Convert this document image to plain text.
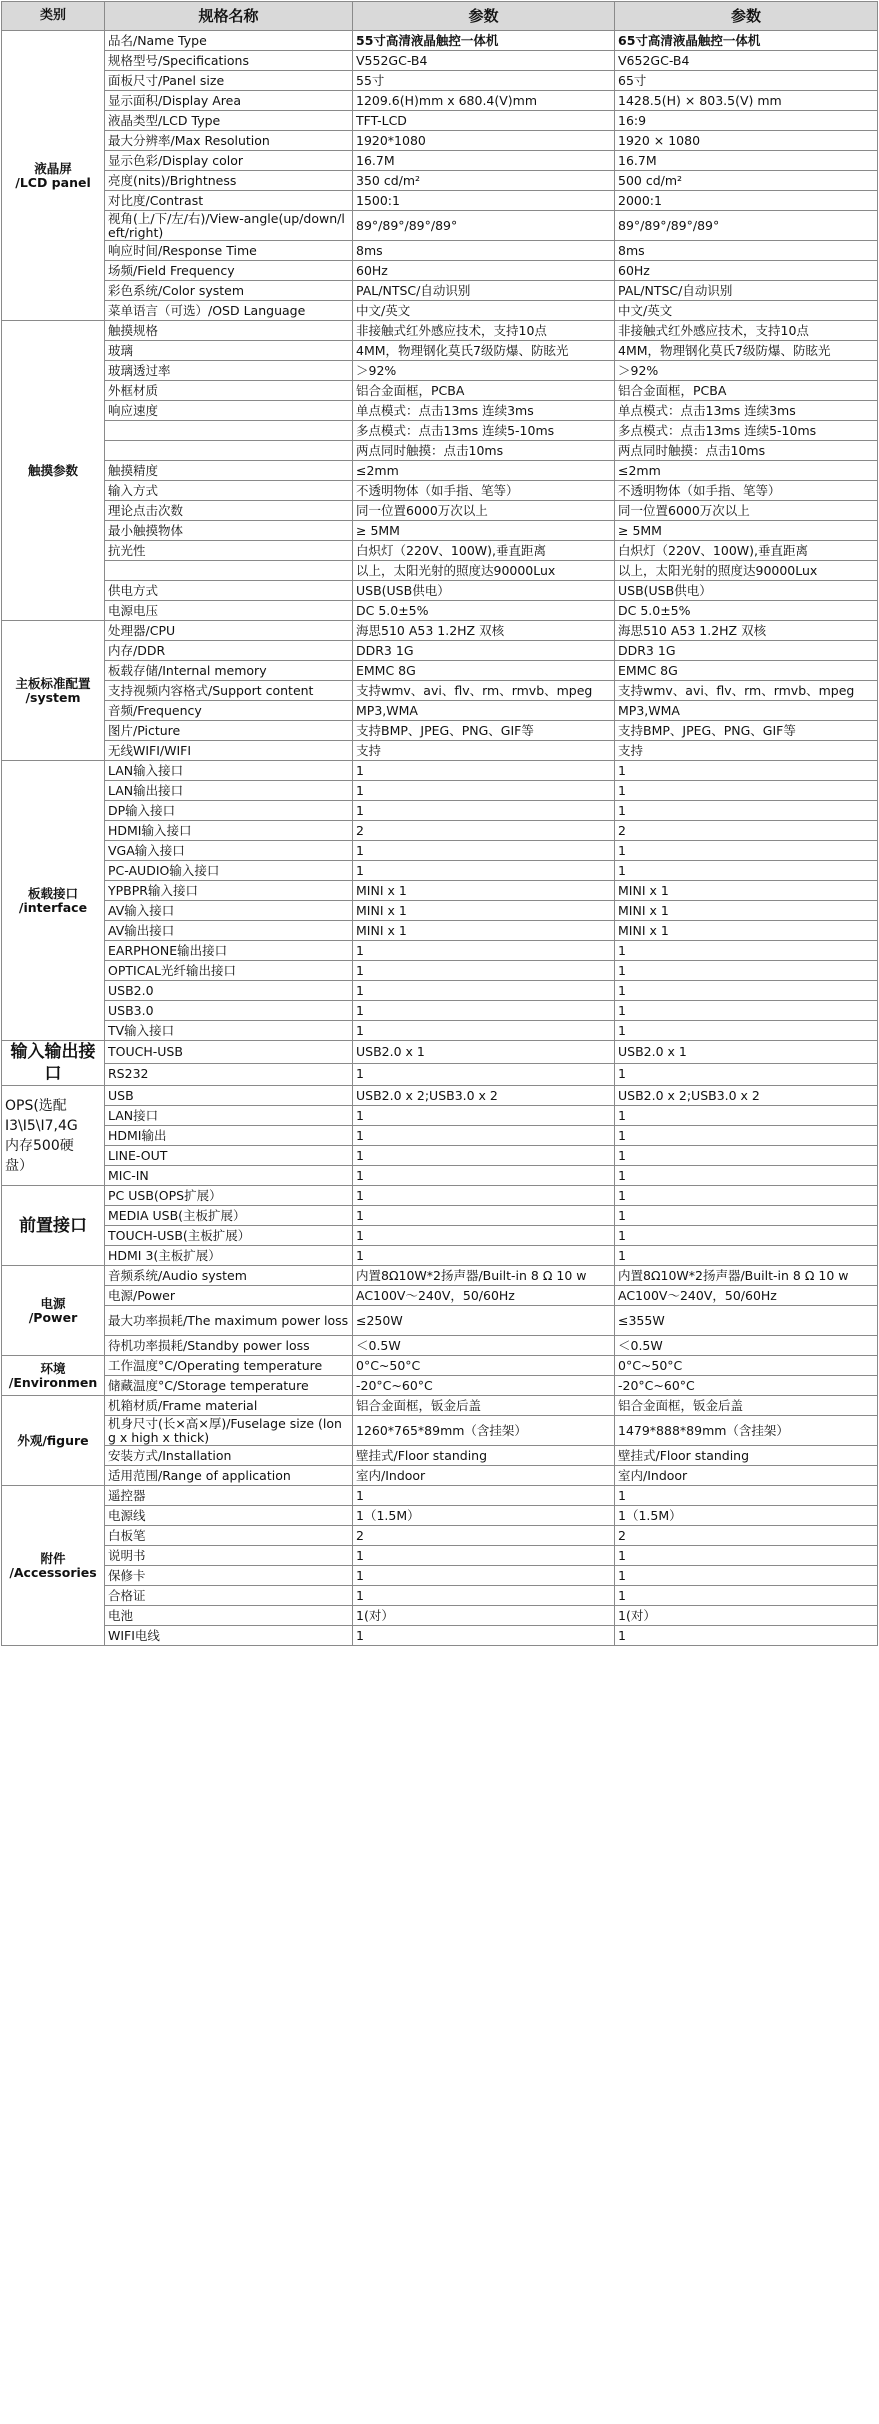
类别	规格名称	参数	参数
液晶屏
/LCD panel	品名/Name Type	55寸高清液晶触控一体机	65寸高清液晶触控一体机
	规格型号/Specifications	V552GC-B4	V652GC-B4
	面板尺寸/Panel size	55寸	65寸
	显示面积/Display Area	1209.6(H)mm x 680.4(V)mm	1428.5(H) × 803.5(V) mm
	液晶类型/LCD Type	TFT-LCD	16:9
	最大分辨率/Max Resolution	1920*1080	1920 × 1080
	显示色彩/Display color	16.7M	16.7M
	亮度(nits)/Brightness	350 cd/m²	500 cd/m²
	对比度/Contrast	1500:1	2000:1
	视角(上/下/左/右)/View-angle(up/down/left/right)	89°/89°/89°/89°	89°/89°/89°/89°
	响应时间/Response Time	8ms	8ms
	场频/Field Frequency	60Hz	60Hz
	彩色系统/Color system	PAL/NTSC/自动识别	PAL/NTSC/自动识别
	菜单语言（可选）/OSD Language	中文/英文	中文/英文
触摸参数	触摸规格	非接触式红外感应技术，支持10点	非接触式红外感应技术，支持10点
	玻璃	4MM，物理钢化莫氏7级防爆、防眩光	4MM，物理钢化莫氏7级防爆、防眩光
	玻璃透过率	＞92%	＞92%
	外框材质	铝合金面框，PCBA	铝合金面框，PCBA
	响应速度	单点模式：点击13ms 连续3ms	单点模式：点击13ms 连续3ms
		多点模式：点击13ms 连续5-10ms	多点模式：点击13ms 连续5-10ms
		两点同时触摸：点击10ms	两点同时触摸：点击10ms
	触摸精度	≤2mm	≤2mm
	输入方式	不透明物体（如手指、笔等）	不透明物体（如手指、笔等）
	理论点击次数	同一位置6000万次以上	同一位置6000万次以上
	最小触摸物体	≥ 5MM	≥ 5MM
	抗光性	白炽灯（220V、100W),垂直距离	白炽灯（220V、100W),垂直距离
		以上，太阳光射的照度达90000Lux	以上，太阳光射的照度达90000Lux
	供电方式	USB(USB供电）	USB(USB供电）
	电源电压	DC 5.0±5%	DC 5.0±5%
主板标准配置
/system	处理器/CPU	海思510 A53 1.2HZ 双核	海思510 A53 1.2HZ 双核
	内存/DDR	DDR3 1G	DDR3 1G
	板载存储/Internal memory	EMMC 8G	EMMC 8G
	支持视频内容格式/Support content	支持wmv、avi、flv、rm、rmvb、mpeg	支持wmv、avi、flv、rm、rmvb、mpeg
	音频/Frequency	MP3,WMA	MP3,WMA
	图片/Picture	支持BMP、JPEG、PNG、GIF等	支持BMP、JPEG、PNG、GIF等
	无线WIFI/WIFI	支持	支持
板载接口
/interface	LAN输入接口	1	1
	LAN输出接口	1	1
	DP输入接口	1	1
	HDMI输入接口	2	2
	VGA输入接口	1	1
	PC-AUDIO输入接口	1	1
	YPBPR输入接口	MINI x 1	MINI x 1
	AV输入接口	MINI x 1	MINI x 1
	AV输出接口	MINI x 1	MINI x 1
	EARPHONE输出接口	1	1
	OPTICAL光纤输出接口	1	1
	USB2.0	1	1
	USB3.0	1	1
	TV输入接口	1	1
输入输出接
口	TOUCH-USB	USB2.0 x 1	USB2.0 x 1
	RS232	1	1
OPS(选配
I3\I5\I7,4G
内存500硬
盘）	USB	USB2.0 x 2;USB3.0 x 2	USB2.0 x 2;USB3.0 x 2
	LAN接口	1	1
	HDMI输出	1	1
	LINE-OUT	1	1
	MIC-IN	1	1
前置接口	PC USB(OPS扩展）	1	1
	MEDIA USB(主板扩展）	1	1
	TOUCH-USB(主板扩展）	1	1
	HDMI 3(主板扩展）	1	1
电源
/Power	音频系统/Audio system	内置8Ω10W*2扬声器/Built-in 8 Ω 10 w	内置8Ω10W*2扬声器/Built-in 8 Ω 10 w
	电源/Power	AC100V～240V，50/60Hz	AC100V～240V，50/60Hz
	最大功率损耗/The maximum power loss	≤250W	≤355W
	待机功率损耗/Standby power loss	＜0.5W	＜0.5W
环境
/Environmen	工作温度°C/Operating temperature	0°C~50°C	0°C~50°C
	储藏温度°C/Storage temperature	-20°C~60°C	-20°C~60°C
外观/figure	机箱材质/Frame material	铝合金面框，钣金后盖	铝合金面框，钣金后盖
	机身尺寸(长×高×厚)/Fuselage size (long x high x thick)	1260*765*89mm（含挂架）	1479*888*89mm（含挂架）
	安装方式/Installation	壁挂式/Floor standing	壁挂式/Floor standing
	适用范围/Range of application	室内/Indoor	室内/Indoor
附件
/Accessories	遥控器	1	1
	电源线	1（1.5M）	1（1.5M）
	白板笔	2	2
	说明书	1	1
	保修卡	1	1
	合格证	1	1
	电池	1(对）	1(对）
	WIFI电线	1	1
